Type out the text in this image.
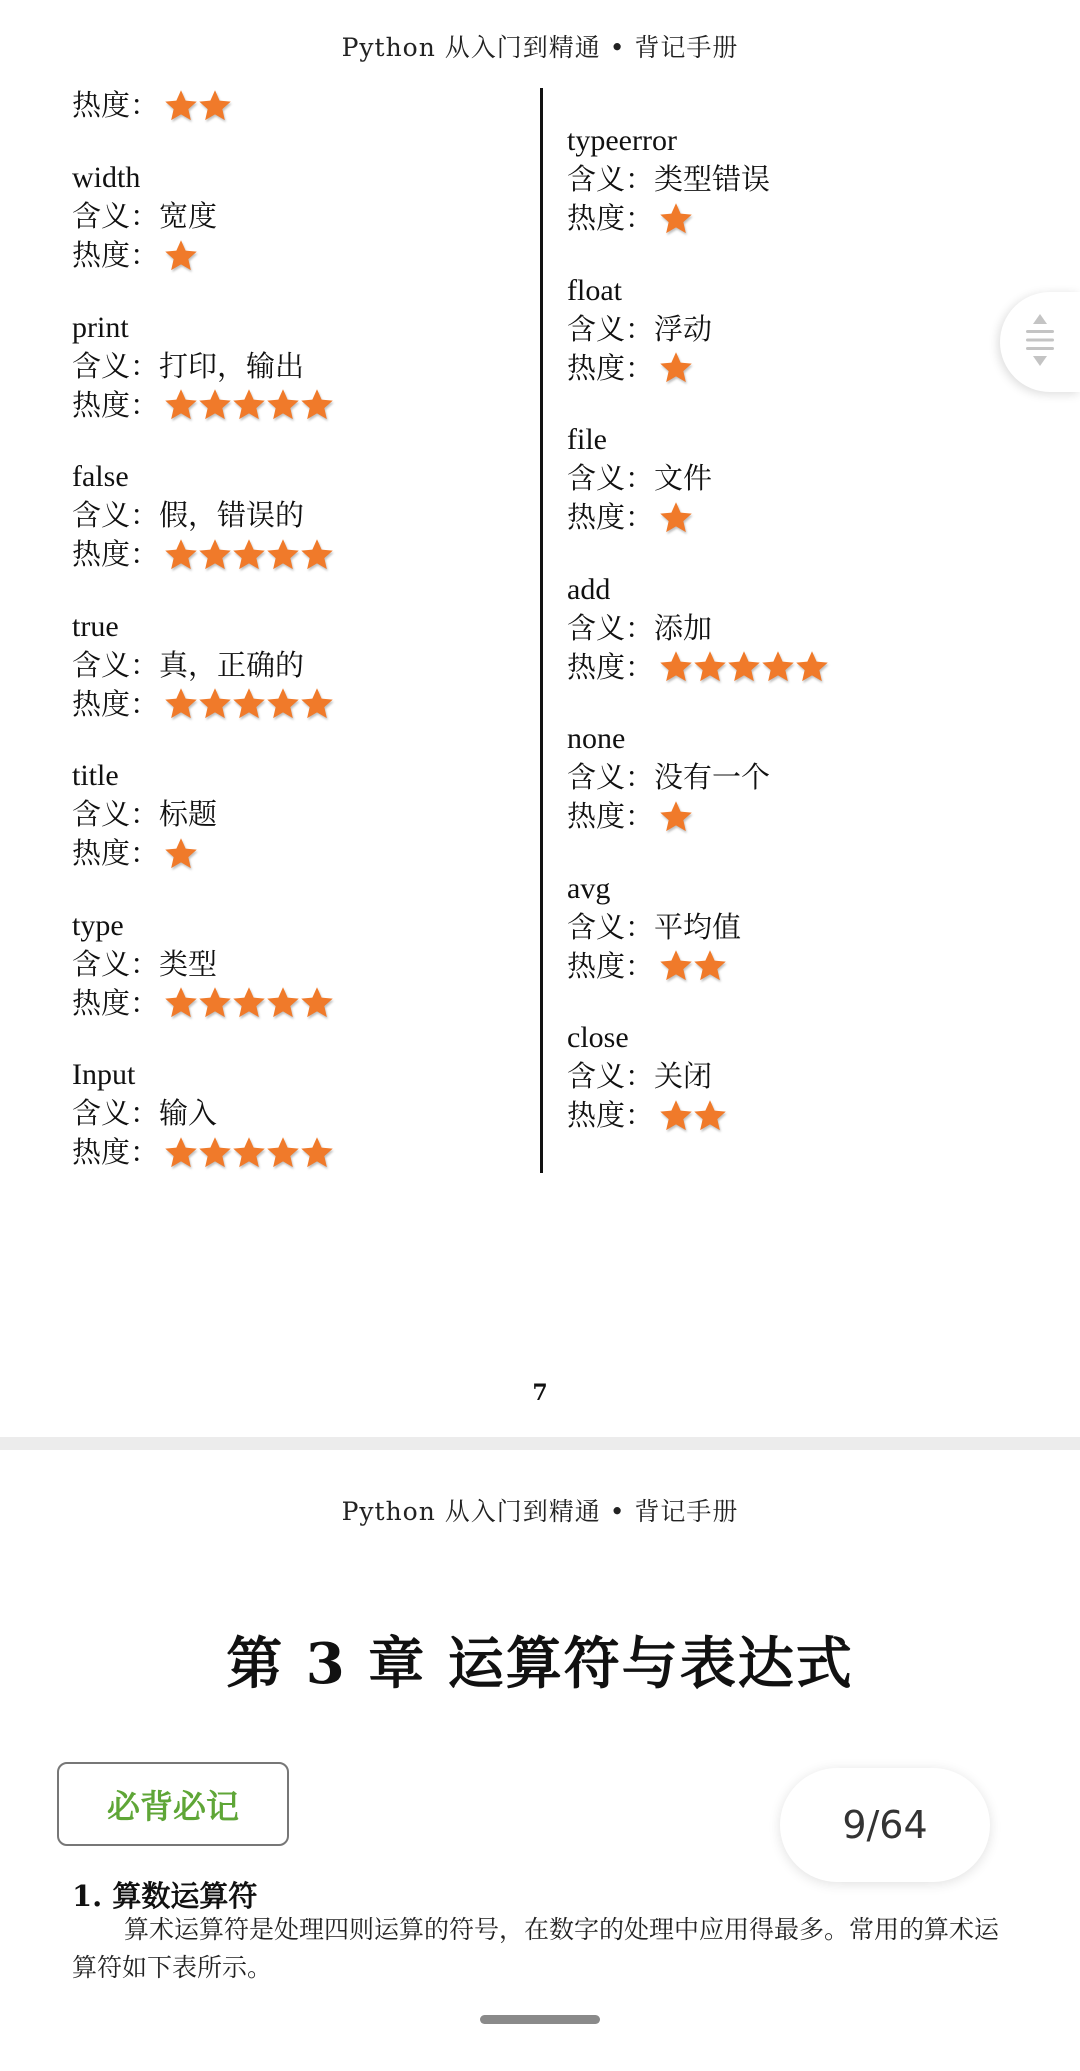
Python 从入门到精通 • 背记手册
热度：
width
含义：宽度
热度：
print
含义：打印，输出
热度：
false
含义：假，错误的
热度：
true
含义：真，正确的
热度：
title
含义：标题
热度：
type
含义：类型
热度：
Input
含义：输入
热度：
typeerror
含义：类型错误
热度：
float
含义：浮动
热度：
file
含义：文件
热度：
add
含义：添加
热度：
none
含义：没有一个
热度：
avg
含义：平均值
热度：
close
含义：关闭
热度：
7
Python 从入门到精通 • 背记手册
第 3 章 运算符与表达式
必背必记
1. 算数运算符
算术运算符是处理四则运算的符号，在数字的处理中应用得最多。常用的算术运算符如下表所示。
9/64
